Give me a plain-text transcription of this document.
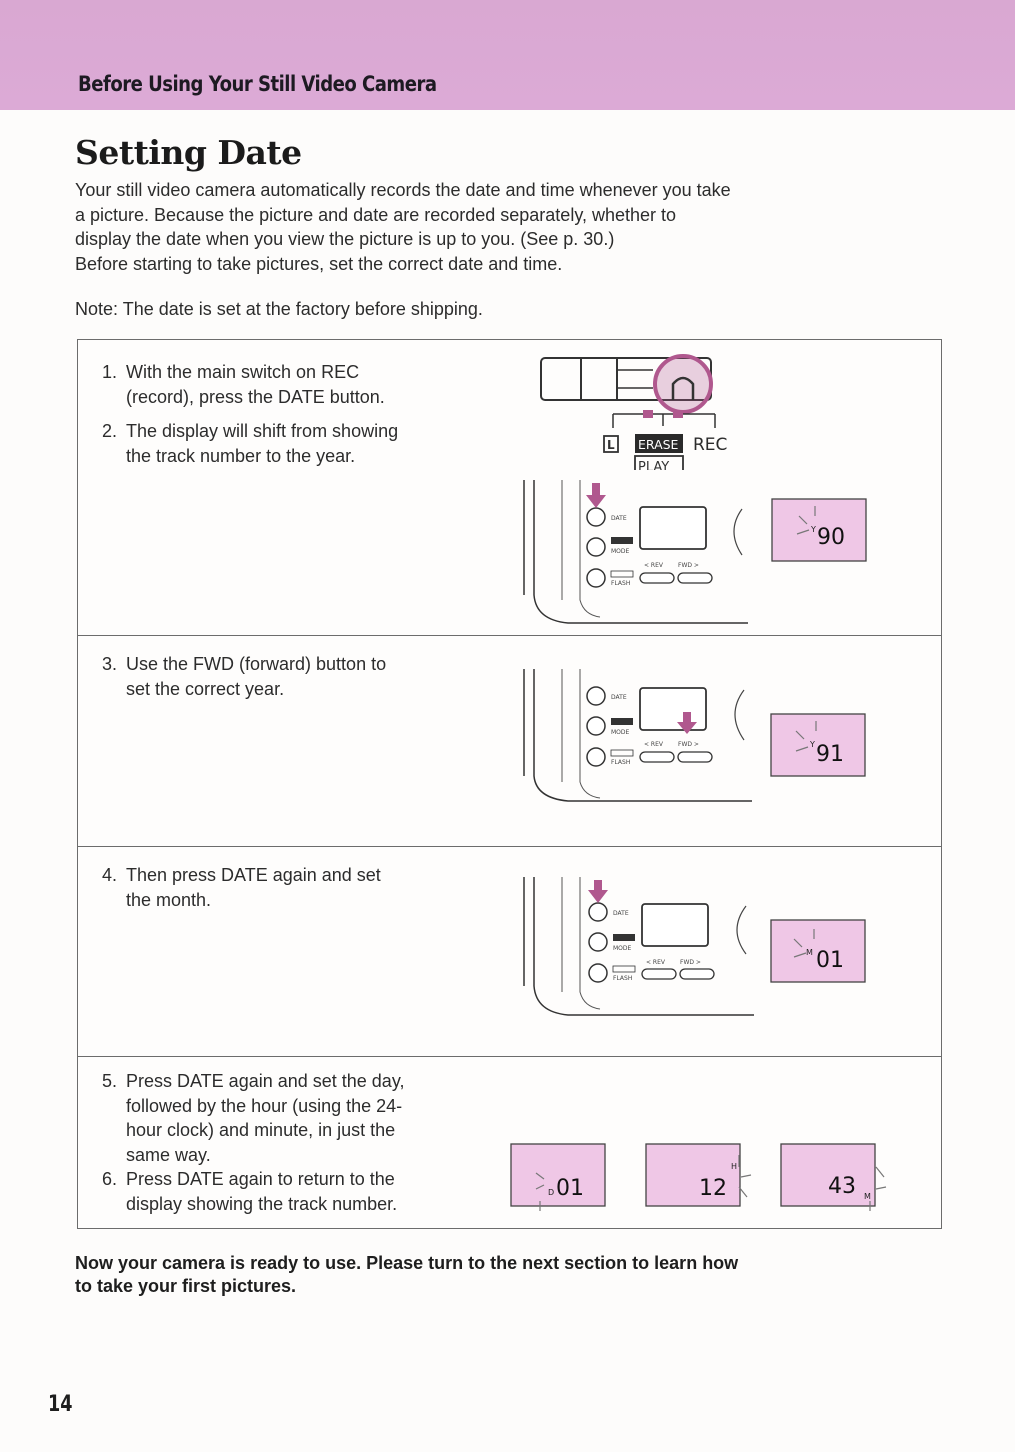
Before Using Your Still Video Camera
Setting Date
Your still video camera automatically records the date and time whenever you take
a picture. Because the picture and date are recorded separately, whether to
display the date when you view the picture is up to you. (See p. 30.)
Before starting to take pictures, set the correct date and time.
Note: The date is set at the factory before shipping.
1. With the main switch on REC
(record), press the DATE button.
2. The display will shift from showing
the track number to the year.
L ERASE REC
PLAY
DATE
MODE
FLASH
< REV	FWD >
Y 90
3. Use the FWD (forward) button to
set the correct year.	DATE
MODE
FLASH
< REV	FWD >	Y 91
4. Then press DATE again and set
the month.
DATE
MODE
FLASH
< REV	FWD >
M 01
5. Press DATE again and set the day,
followed by the hour (using the 24-
hour clock) and minute, in just the
same way.
6. Press DATE again to return to the
display showing the track number.
D 01	12
H
43 M
Now your camera is ready to use. Please turn to the next section to learn how
to take your first pictures.
14
